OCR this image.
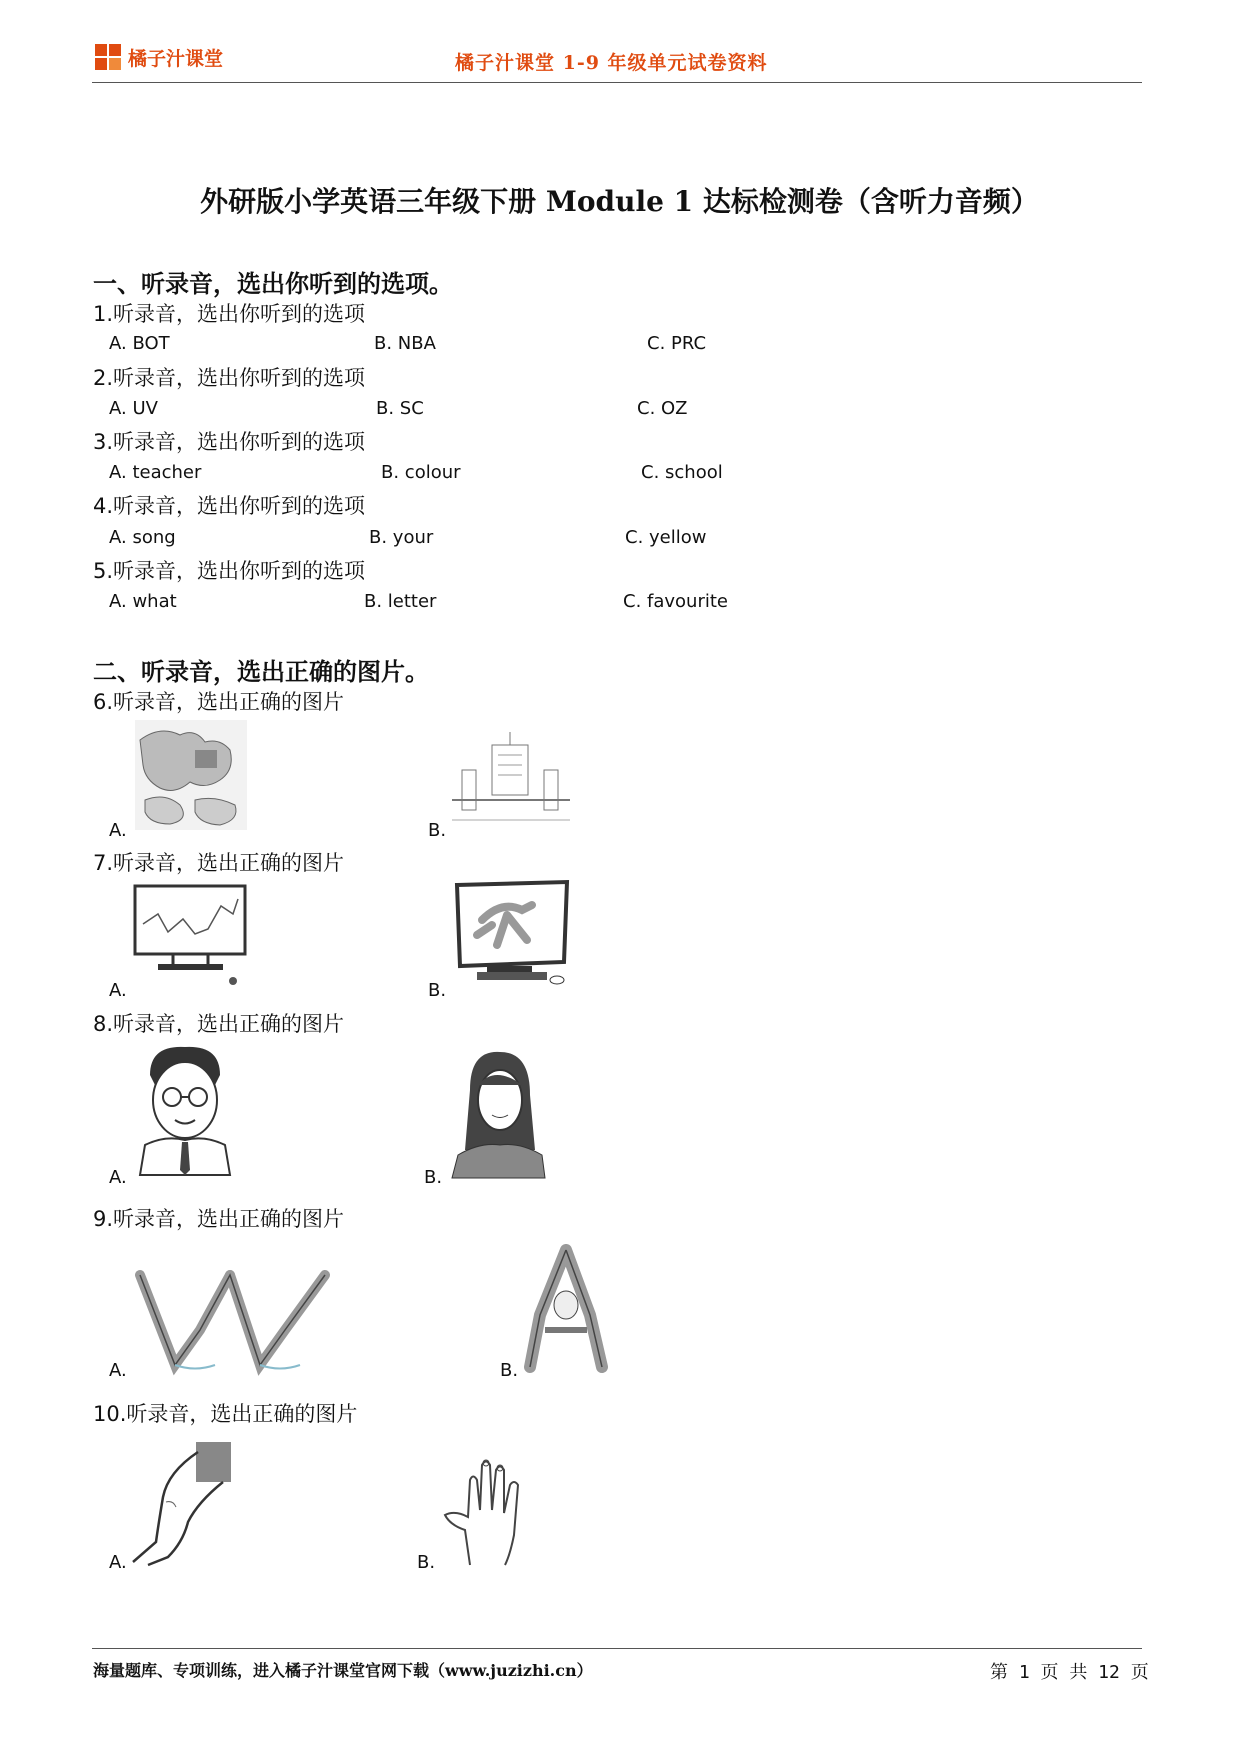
橘子汁课堂	橘子汁课堂 1-9 年级单元试卷资料
外研版小学英语三年级下册 Module 1 达标检测卷（含听力音频）
一、听录音，选出你听到的选项。
1.听录音，选出你听到的选项
A. BOT	B. NBA	C. PRC
2.听录音，选出你听到的选项
A. UV	B. SC	C. OZ
3.听录音，选出你听到的选项
A. teacher	B. colour	C. school
4.听录音，选出你听到的选项
A. song	B. your	C. yellow
5.听录音，选出你听到的选项
A. what	B. letter	C. favourite
二、听录音，选出正确的图片。
6.听录音，选出正确的图片
A.	B.
7.听录音，选出正确的图片
A.	B.
8.听录音，选出正确的图片
A.	B.
9.听录音，选出正确的图片
A.	B.
10.听录音，选出正确的图片
A.	B.
海量题库、专项训练，进入橘子汁课堂官网下载（www.juzizhi.cn）	第 1 页 共 12 页
